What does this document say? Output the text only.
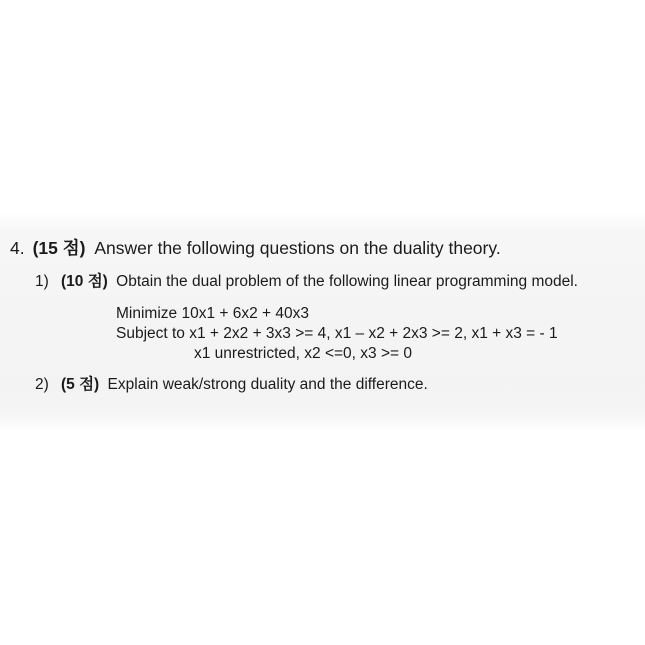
4. (15 점) Answer the following questions on the duality theory.
1) (10 점) Obtain the dual problem of the following linear programming model.
Minimize 10x1 + 6x2 + 40x3
Subject to x1 + 2x2 + 3x3 >= 4, x1 – x2 + 2x3 >= 2, x1 + x3 = - 1
x1 unrestricted, x2 <=0, x3 >= 0
2) (5 점) Explain weak/strong duality and the difference.
